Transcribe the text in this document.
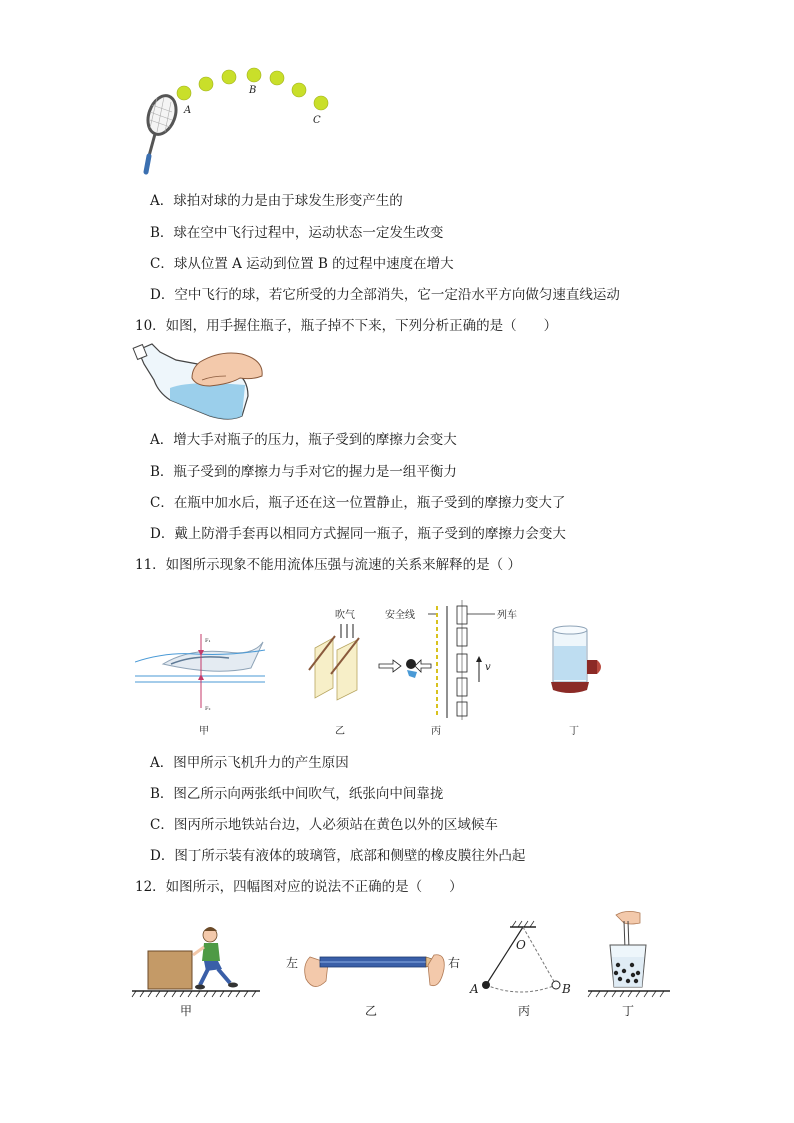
A
B
C
A．球拍对球的力是由于球发生形变产生的
B．球在空中飞行过程中，运动状态一定发生改变
C．球从位置 A 运动到位置 B 的过程中速度在增大
D．空中飞行的球，若它所受的力全部消失，它一定沿水平方向做匀速直线运动
10．如图，用手握住瓶子，瓶子掉不下来，下列分析正确的是（　　）
A．增大手对瓶子的压力，瓶子受到的摩擦力会变大
B．瓶子受到的摩擦力与手对它的握力是一组平衡力
C．在瓶中加水后，瓶子还在这一位置静止，瓶子受到的摩擦力变大了
D．戴上防滑手套再以相同方式握同一瓶子，瓶子受到的摩擦力会变大
11．如图所示现象不能用流体压强与流速的关系来解释的是（ ）
F₁
F₂
吹气	安全线	列车
v
甲	乙	丙	丁
A．图甲所示飞机升力的产生原因
B．图乙所示向两张纸中间吹气，纸张向中间靠拢
C．图丙所示地铁站台边，人必须站在黄色以外的区域候车
D．图丁所示装有液体的玻璃管，底部和侧壁的橡皮膜往外凸起
12．如图所示，四幅图对应的说法不正确的是（　　）
左	右
O
A	B
甲	乙	丙	丁
